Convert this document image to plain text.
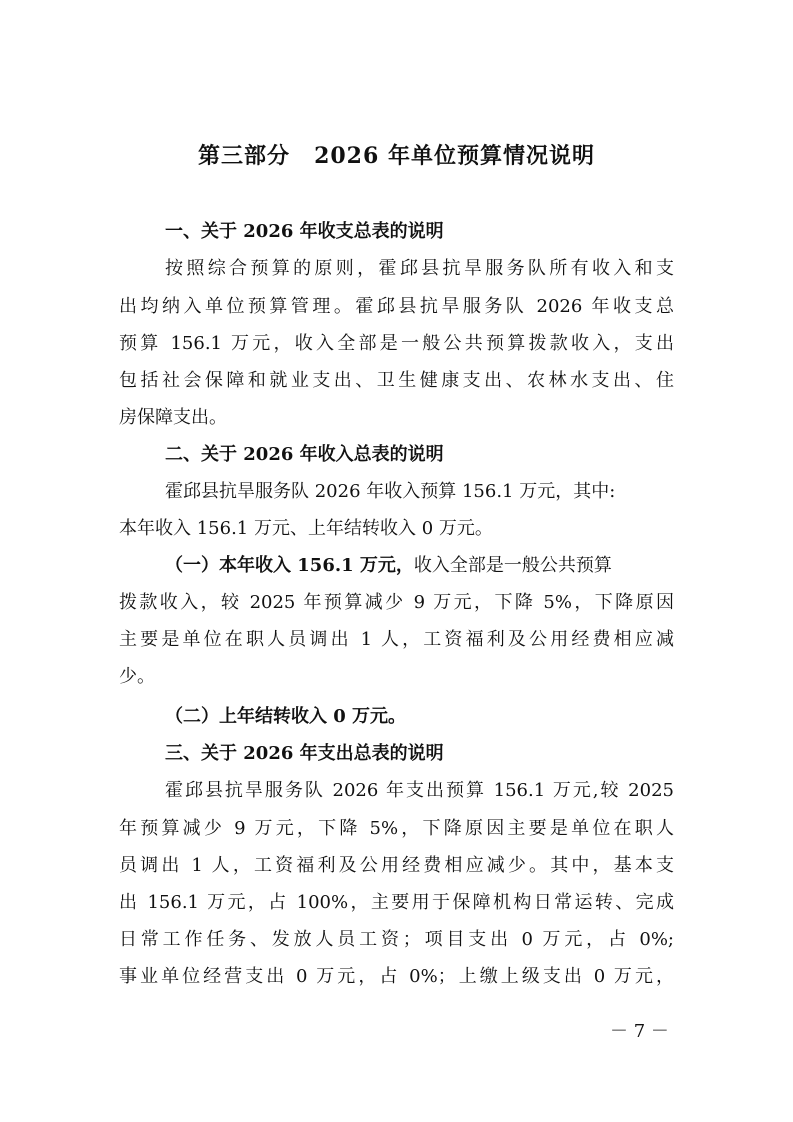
第三部分 2026 年单位预算情况说明
一、关于 2026 年收支总表的说明
按照综合预算的原则，霍邱县抗旱服务队所有收入和支
出均纳入单位预算管理。霍邱县抗旱服务队 2026 年收支总
预算 156.1 万元，收入全部是一般公共预算拨款收入，支出
包括社会保障和就业支出、卫生健康支出、农林水支出、住
房保障支出。
二、关于 2026 年收入总表的说明
霍邱县抗旱服务队 2026 年收入预算 156.1 万元，其中:
本年收入 156.1 万元、上年结转收入 0 万元。
（一）本年收入 156.1 万元，收入全部是一般公共预算
拨款收入，较 2025 年预算减少 9 万元，下降 5%，下降原因
主要是单位在职人员调出 1 人，工资福利及公用经费相应减
少。
（二）上年结转收入 0 万元。
三、关于 2026 年支出总表的说明
霍邱县抗旱服务队 2026 年支出预算 156.1 万元,较 2025
年预算减少 9 万元，下降 5%，下降原因主要是单位在职人
员调出 1 人，工资福利及公用经费相应减少。其中，基本支
出 156.1 万元，占 100%，主要用于保障机构日常运转、完成
日常工作任务、发放人员工资；项目支出 0 万元，占 0%;
事业单位经营支出 0 万元，占 0%；上缴上级支出 0 万元，
－ 7 －
